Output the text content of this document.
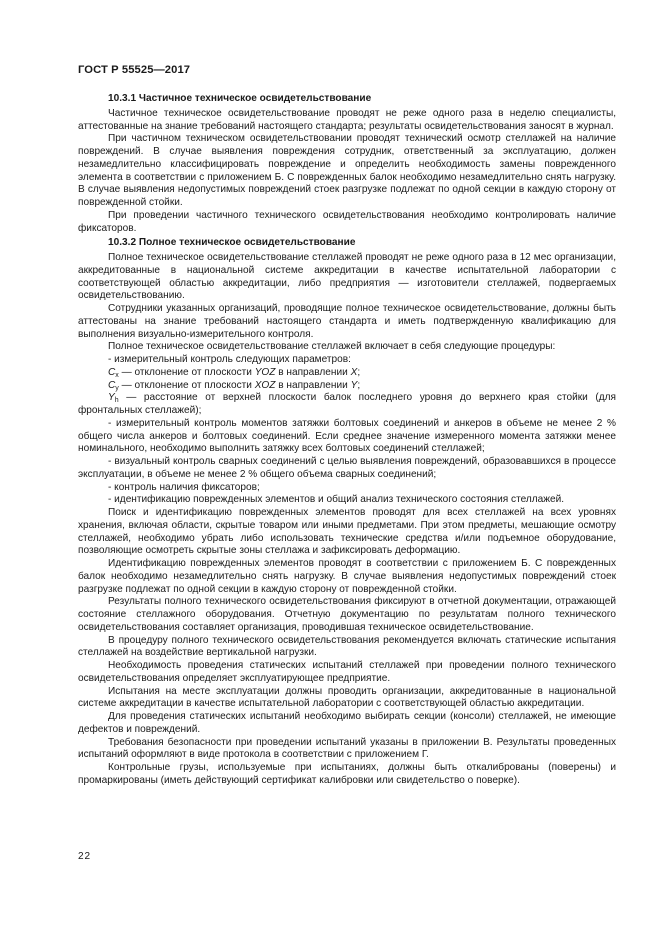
ГОСТ Р 55525—2017
10.3.1 Частичное техническое освидетельствование

Частичное техническое освидетельствование проводят не реже одного раза в неделю специалисты, аттестованные на знание требований настоящего стандарта; результаты освидетельствования заносят в журнал.

При частичном техническом освидетельствовании проводят технический осмотр стеллажей на наличие повреждений. В случае выявления повреждения сотрудник, ответственный за эксплуатацию, должен незамедлительно классифицировать повреждение и определить необходимость замены поврежденного элемента в соответствии с приложением Б. С поврежденных балок необходимо незамедлительно снять нагрузку. В случае выявления недопустимых повреждений стоек разгрузке подлежат по одной секции в каждую сторону от поврежденной стойки.

При проведении частичного технического освидетельствования необходимо контролировать наличие фиксаторов.

10.3.2 Полное техническое освидетельствование

Полное техническое освидетельствование стеллажей проводят не реже одного раза в 12 мес организации, аккредитованные в национальной системе аккредитации в качестве испытательной лаборатории с соответствующей областью аккредитации, либо предприятия — изготовители стеллажей, подвергаемых освидетельствованию.

Сотрудники указанных организаций, проводящие полное техническое освидетельствование, должны быть аттестованы на знание требований настоящего стандарта и иметь подтвержденную квалификацию для выполнения визуально-измерительного контроля.

Полное техническое освидетельствование стеллажей включает в себя следующие процедуры:

- измерительный контроль следующих параметров:

$C_x$ — отклонение от плоскости YOZ в направлении X;

$C_y$ — отклонение от плоскости XOZ в направлении Y;

$Y_h$ — расстояние от верхней плоскости балок последнего уровня до верхнего края стойки (для фронтальных стеллажей);

- измерительный контроль моментов затяжки болтовых соединений и анкеров в объеме не менее 2 % общего числа анкеров и болтовых соединений. Если среднее значение измеренного момента затяжки менее номинального, необходимо выполнить затяжку всех болтовых соединений стеллажей;

- визуальный контроль сварных соединений с целью выявления повреждений, образовавшихся в процессе эксплуатации, в объеме не менее 2 % общего объема сварных соединений;

- контроль наличия фиксаторов;

- идентификацию поврежденных элементов и общий анализ технического состояния стеллажей.

Поиск и идентификацию поврежденных элементов проводят для всех стеллажей на всех уровнях хранения, включая области, скрытые товаром или иными предметами. При этом предметы, мешающие осмотру стеллажей, необходимо убрать либо использовать технические средства и/или подъемное оборудование, позволяющие осмотреть скрытые зоны стеллажа и зафиксировать деформацию.

Идентификацию поврежденных элементов проводят в соответствии с приложением Б. С поврежденных балок необходимо незамедлительно снять нагрузку. В случае выявления недопустимых повреждений стоек разгрузке подлежат по одной секции в каждую сторону от поврежденной стойки.

Результаты полного технического освидетельствования фиксируют в отчетной документации, отражающей состояние стеллажного оборудования. Отчетную документацию по результатам полного технического освидетельствования составляет организация, проводившая техническое освидетельствование.

В процедуру полного технического освидетельствования рекомендуется включать статические испытания стеллажей на воздействие вертикальной нагрузки.

Необходимость проведения статических испытаний стеллажей при проведении полного технического освидетельствования определяет эксплуатирующее предприятие.

Испытания на месте эксплуатации должны проводить организации, аккредитованные в национальной системе аккредитации в качестве испытательной лаборатории с соответствующей областью аккредитации.

Для проведения статических испытаний необходимо выбирать секции (консоли) стеллажей, не имеющие дефектов и повреждений.

Требования безопасности при проведении испытаний указаны в приложении В. Результаты проведенных испытаний оформляют в виде протокола в соответствии с приложением Г.

Контрольные грузы, используемые при испытаниях, должны быть откалиброваны (поверены) и промаркированы (иметь действующий сертификат калибровки или свидетельство о поверке).

22
